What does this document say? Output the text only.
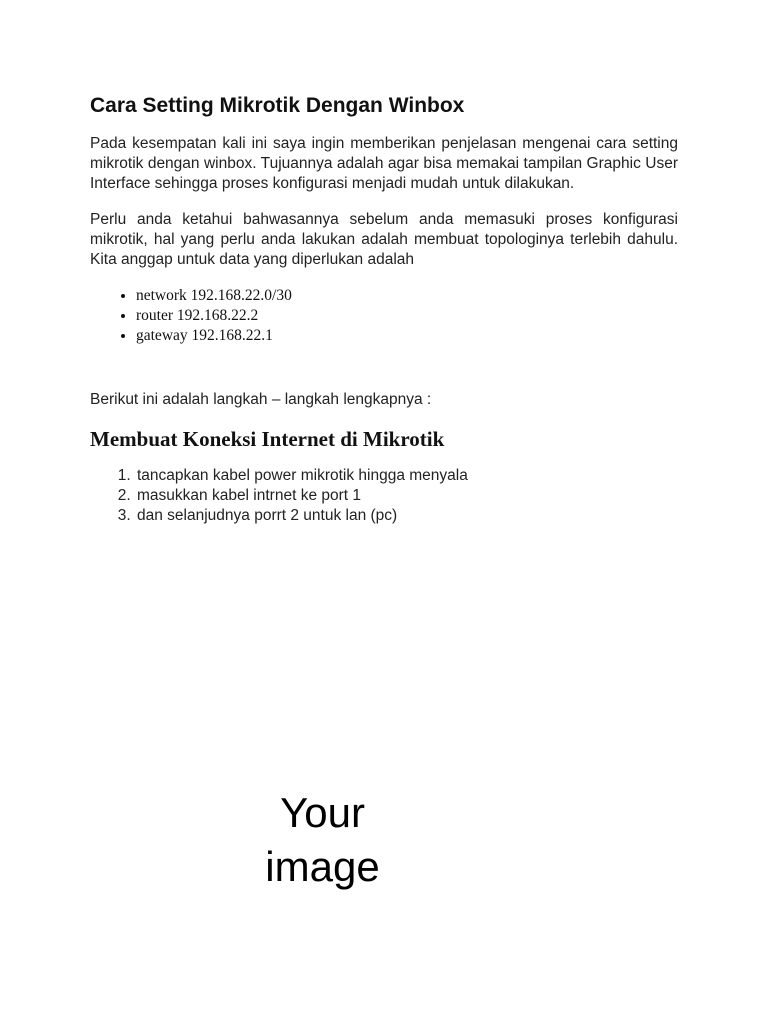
Cara Setting Mikrotik Dengan Winbox

Pada kesempatan kali ini saya ingin memberikan penjelasan mengenai cara setting mikrotik dengan winbox. Tujuannya adalah agar bisa memakai tampilan Graphic User Interface sehingga proses konfigurasi menjadi mudah untuk dilakukan.

Perlu anda ketahui bahwasannya sebelum anda memasuki proses konfigurasi mikrotik, hal yang perlu anda lakukan adalah membuat topologinya terlebih dahulu. Kita anggap untuk data yang diperlukan adalah

• network 192.168.22.0/30
• router 192.168.22.2
• gateway 192.168.22.1

Berikut ini adalah langkah – langkah lengkapnya :

Membuat Koneksi Internet di Mikrotik
1. tancapkan kabel power mikrotik hingga menyala
2. masukkan kabel intrnet ke port 1
3. dan selanjudnya porrt 2 untuk lan (pc)
Your
image
